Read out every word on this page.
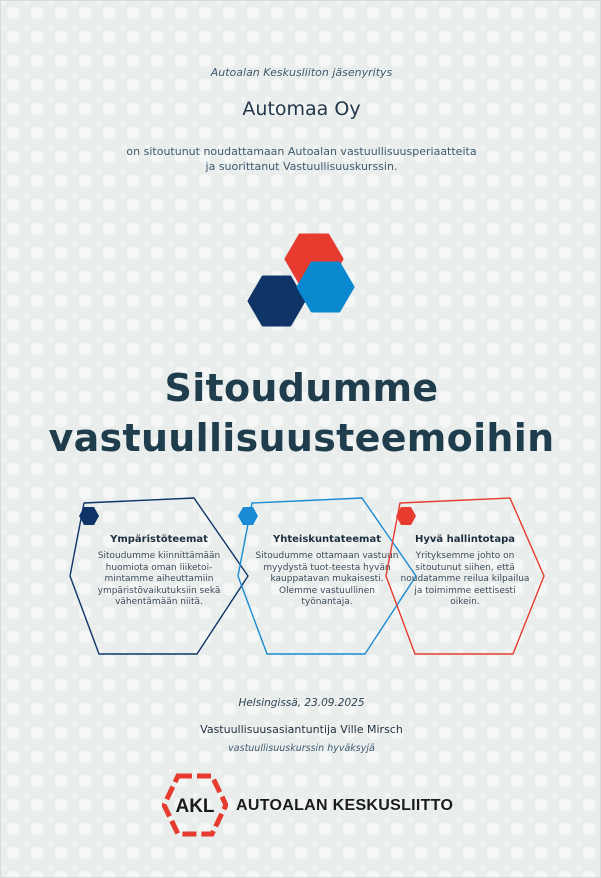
Autoalan Keskusliiton jäsenyritys
Automaa Oy
on sitoutunut noudattamaan Autoalan vastuullisuusperiaatteita
ja suorittanut Vastuullisuuskurssin.
Sitoudumme
vastuullisuusteemoihin
Ympäristöteemat
Sitoudumme kiinnittämään huomiota oman liiketoi-mintamme aiheuttamiin ympäristövaikutuksiin sekä vähentämään niitä.
Yhteiskuntateemat
Sitoudumme ottamaan vastuun myydystä tuot-teesta hyvän kauppatavan mukaisesti. Olemme vastuullinen työnantaja.
Hyvä hallintotapa
Yrityksemme johto on sitoutunut siihen, että noudatamme reilua kilpailua ja toimimme eettisesti oikein.
Helsingissä, 23.09.2025
Vastuullisuusasiantuntija Ville Mirsch
vastuullisuuskurssin hyväksyjä
AKL AUTOALAN KESKUSLIITTO
